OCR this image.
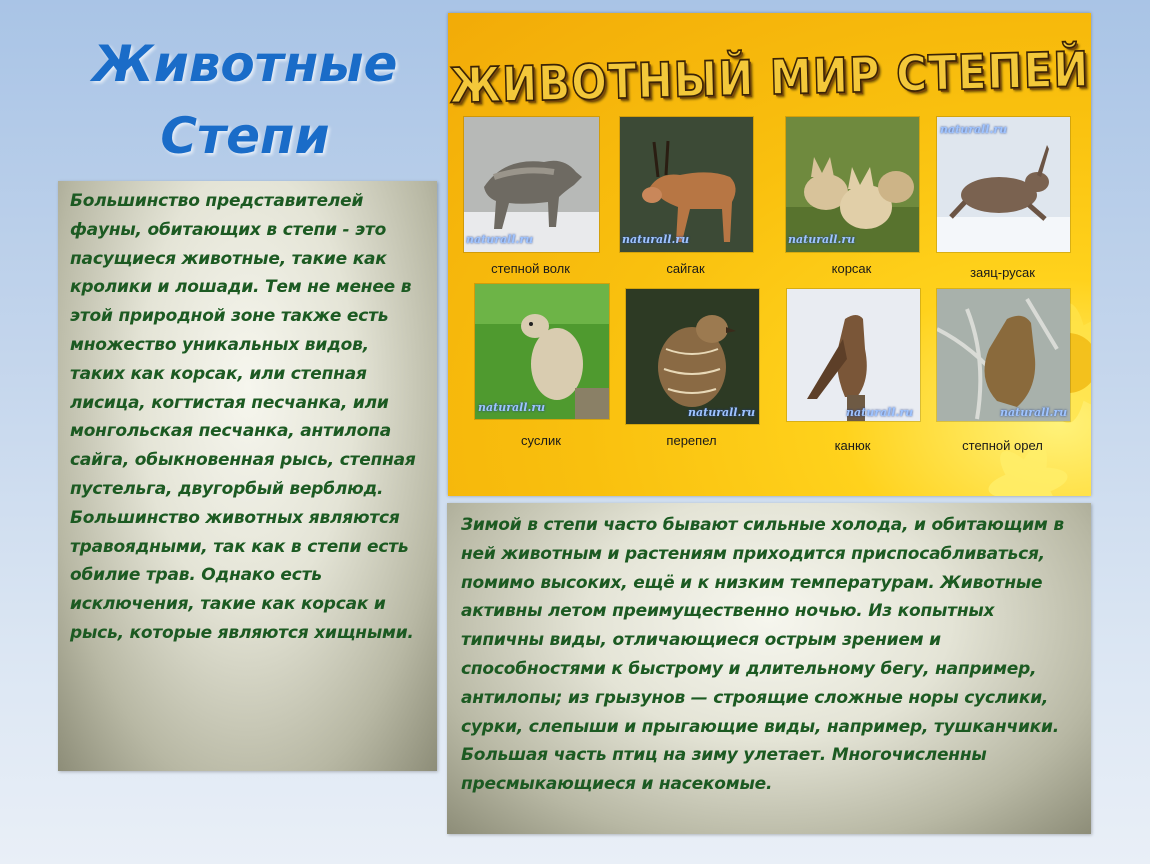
Животные
Степи

Большинство представителей фауны, обитающих в степи - это пасущиеся животные, такие как кролики и лошади. Тем не менее в этой природной зоне также есть множество уникальных видов, таких как корсак, или степная лисица, когтистая песчанка, или монгольская песчанка, антилопа сайга, обыкновенная рысь, степная пустельга, двугорбый верблюд. Большинство животных являются травоядными, так как в степи есть обилие трав. Однако есть исключения, такие как корсак и рысь, которые являются хищными.

ЖИВОТНЫЙ МИР СТЕПЕЙ
naturall.ru	naturall.ru	naturall.ru
naturall.ru
степной волк	сайгак	корсак	заяц-русак
naturall.ru	naturall.ru	naturall.ru	naturall.ru
суслик	перепел	канюк	степной орел

Зимой в степи часто бывают сильные холода, и обитающим в ней животным и растениям приходится приспосабливаться, помимо высоких, ещё и к низким температурам. Животные активны летом преимущественно ночью. Из копытных типичны виды, отличающиеся острым зрением и способностями к быстрому и длительному бегу, например, антилопы; из грызунов — строящие сложные норы суслики, сурки, слепыши и прыгающие виды, например, тушканчики. Большая часть птиц на зиму улетает. Многочисленны пресмыкающиеся и насекомые.
